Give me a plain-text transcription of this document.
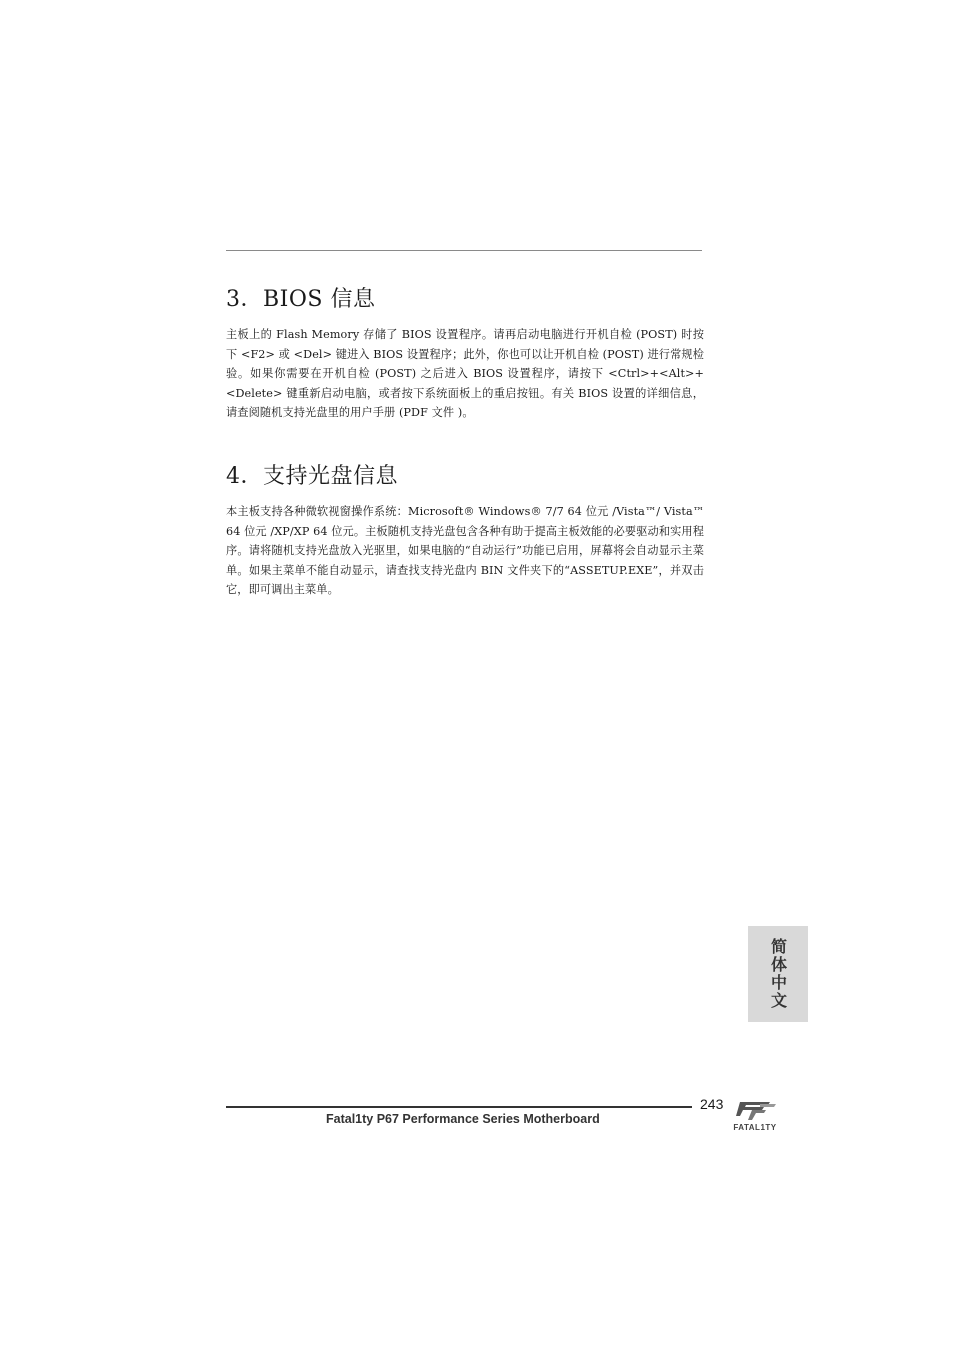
3．BIOS 信息

主板上的 Flash Memory 存储了 BIOS 设置程序。请再启动电脑进行开机自检 (POST) 时按下 <F2> 或 <Del> 键进入 BIOS 设置程序；此外，你也可以让开机自检 (POST) 进行常规检验。如果你需要在开机自检 (POST) 之后进入 BIOS 设置程序，请按下 <Ctrl>+<Alt>+<Delete> 键重新启动电脑，或者按下系统面板上的重启按钮。有关 BIOS 设置的详细信息，请查阅随机支持光盘里的用户手册 (PDF 文件 )。

4．支持光盘信息

本主板支持各种微软视窗操作系统：Microsoft® Windows® 7/7 64 位元 /Vista™/ Vista™ 64 位元 /XP/XP 64 位元。主板随机支持光盘包含各种有助于提高主板效能的必要驱动和实用程序。请将随机支持光盘放入光驱里，如果电脑的“自动运行”功能已启用，屏幕将会自动显示主菜单。如果主菜单不能自动显示，请查找支持光盘内 BIN 文件夹下的“ASSETUP.EXE”，并双击它，即可调出主菜单。

简体中文
243
Fatal1ty P67 Performance Series Motherboard
FATAL1TY
